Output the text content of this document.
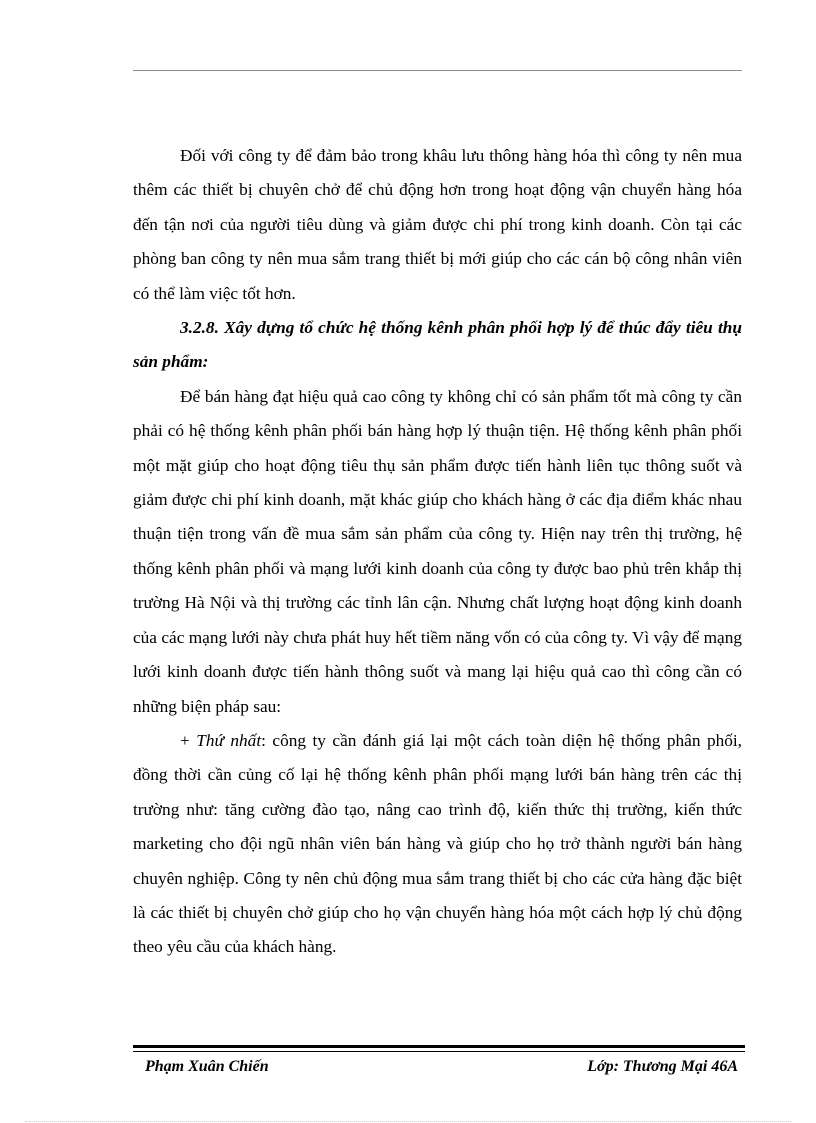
Đối với công ty để đảm bảo trong khâu lưu thông hàng hóa thì công ty nên mua thêm các thiết bị chuyên chở để chủ động hơn trong hoạt động vận chuyển hàng hóa đến tận nơi của người tiêu dùng và giảm được chi phí trong kinh doanh. Còn tại các phòng ban công ty nên mua sắm trang thiết bị mới giúp cho các cán bộ công nhân viên có thể làm việc tốt hơn.

3.2.8. Xây dựng tổ chức hệ thống kênh phân phối hợp lý để thúc đẩy tiêu thụ sản phẩm:

Để bán hàng đạt hiệu quả cao công ty không chỉ có sản phẩm tốt mà công ty cần phải có hệ thống kênh phân phối bán hàng hợp lý thuận tiện. Hệ thống kênh phân phối một mặt giúp cho hoạt động tiêu thụ sản phẩm được tiến hành liên tục thông suốt và giảm được chi phí kinh doanh, mặt khác giúp cho khách hàng ở các địa điểm khác nhau thuận tiện trong vấn đề mua sắm sản phẩm của công ty. Hiện nay trên thị trường, hệ thống kênh phân phối và mạng lưới kinh doanh của công ty được bao phủ trên khắp thị trường Hà Nội và thị trường các tỉnh lân cận. Nhưng chất lượng hoạt động kinh doanh của các mạng lưới này chưa phát huy hết tiềm năng vốn có của công ty. Vì vậy để mạng lưới kinh doanh được tiến hành thông suốt và mang lại hiệu quả cao thì công cần có những biện pháp sau:

+ Thứ nhất: công ty cần đánh giá lại một cách toàn diện hệ thống phân phối, đồng thời cần củng cố lại hệ thống kênh phân phối mạng lưới bán hàng trên các thị trường như: tăng cường đào tạo, nâng cao trình độ, kiến thức thị trường, kiến thức marketing cho đội ngũ nhân viên bán hàng và giúp cho họ trở thành người bán hàng chuyên nghiệp. Công ty nên chủ động mua sắm trang thiết bị cho các cửa hàng đặc biệt là các thiết bị chuyên chở giúp cho họ vận chuyển hàng hóa một cách hợp lý chủ động theo yêu cầu của khách hàng.

Phạm Xuân Chiến	Lớp: Thương Mại 46A
